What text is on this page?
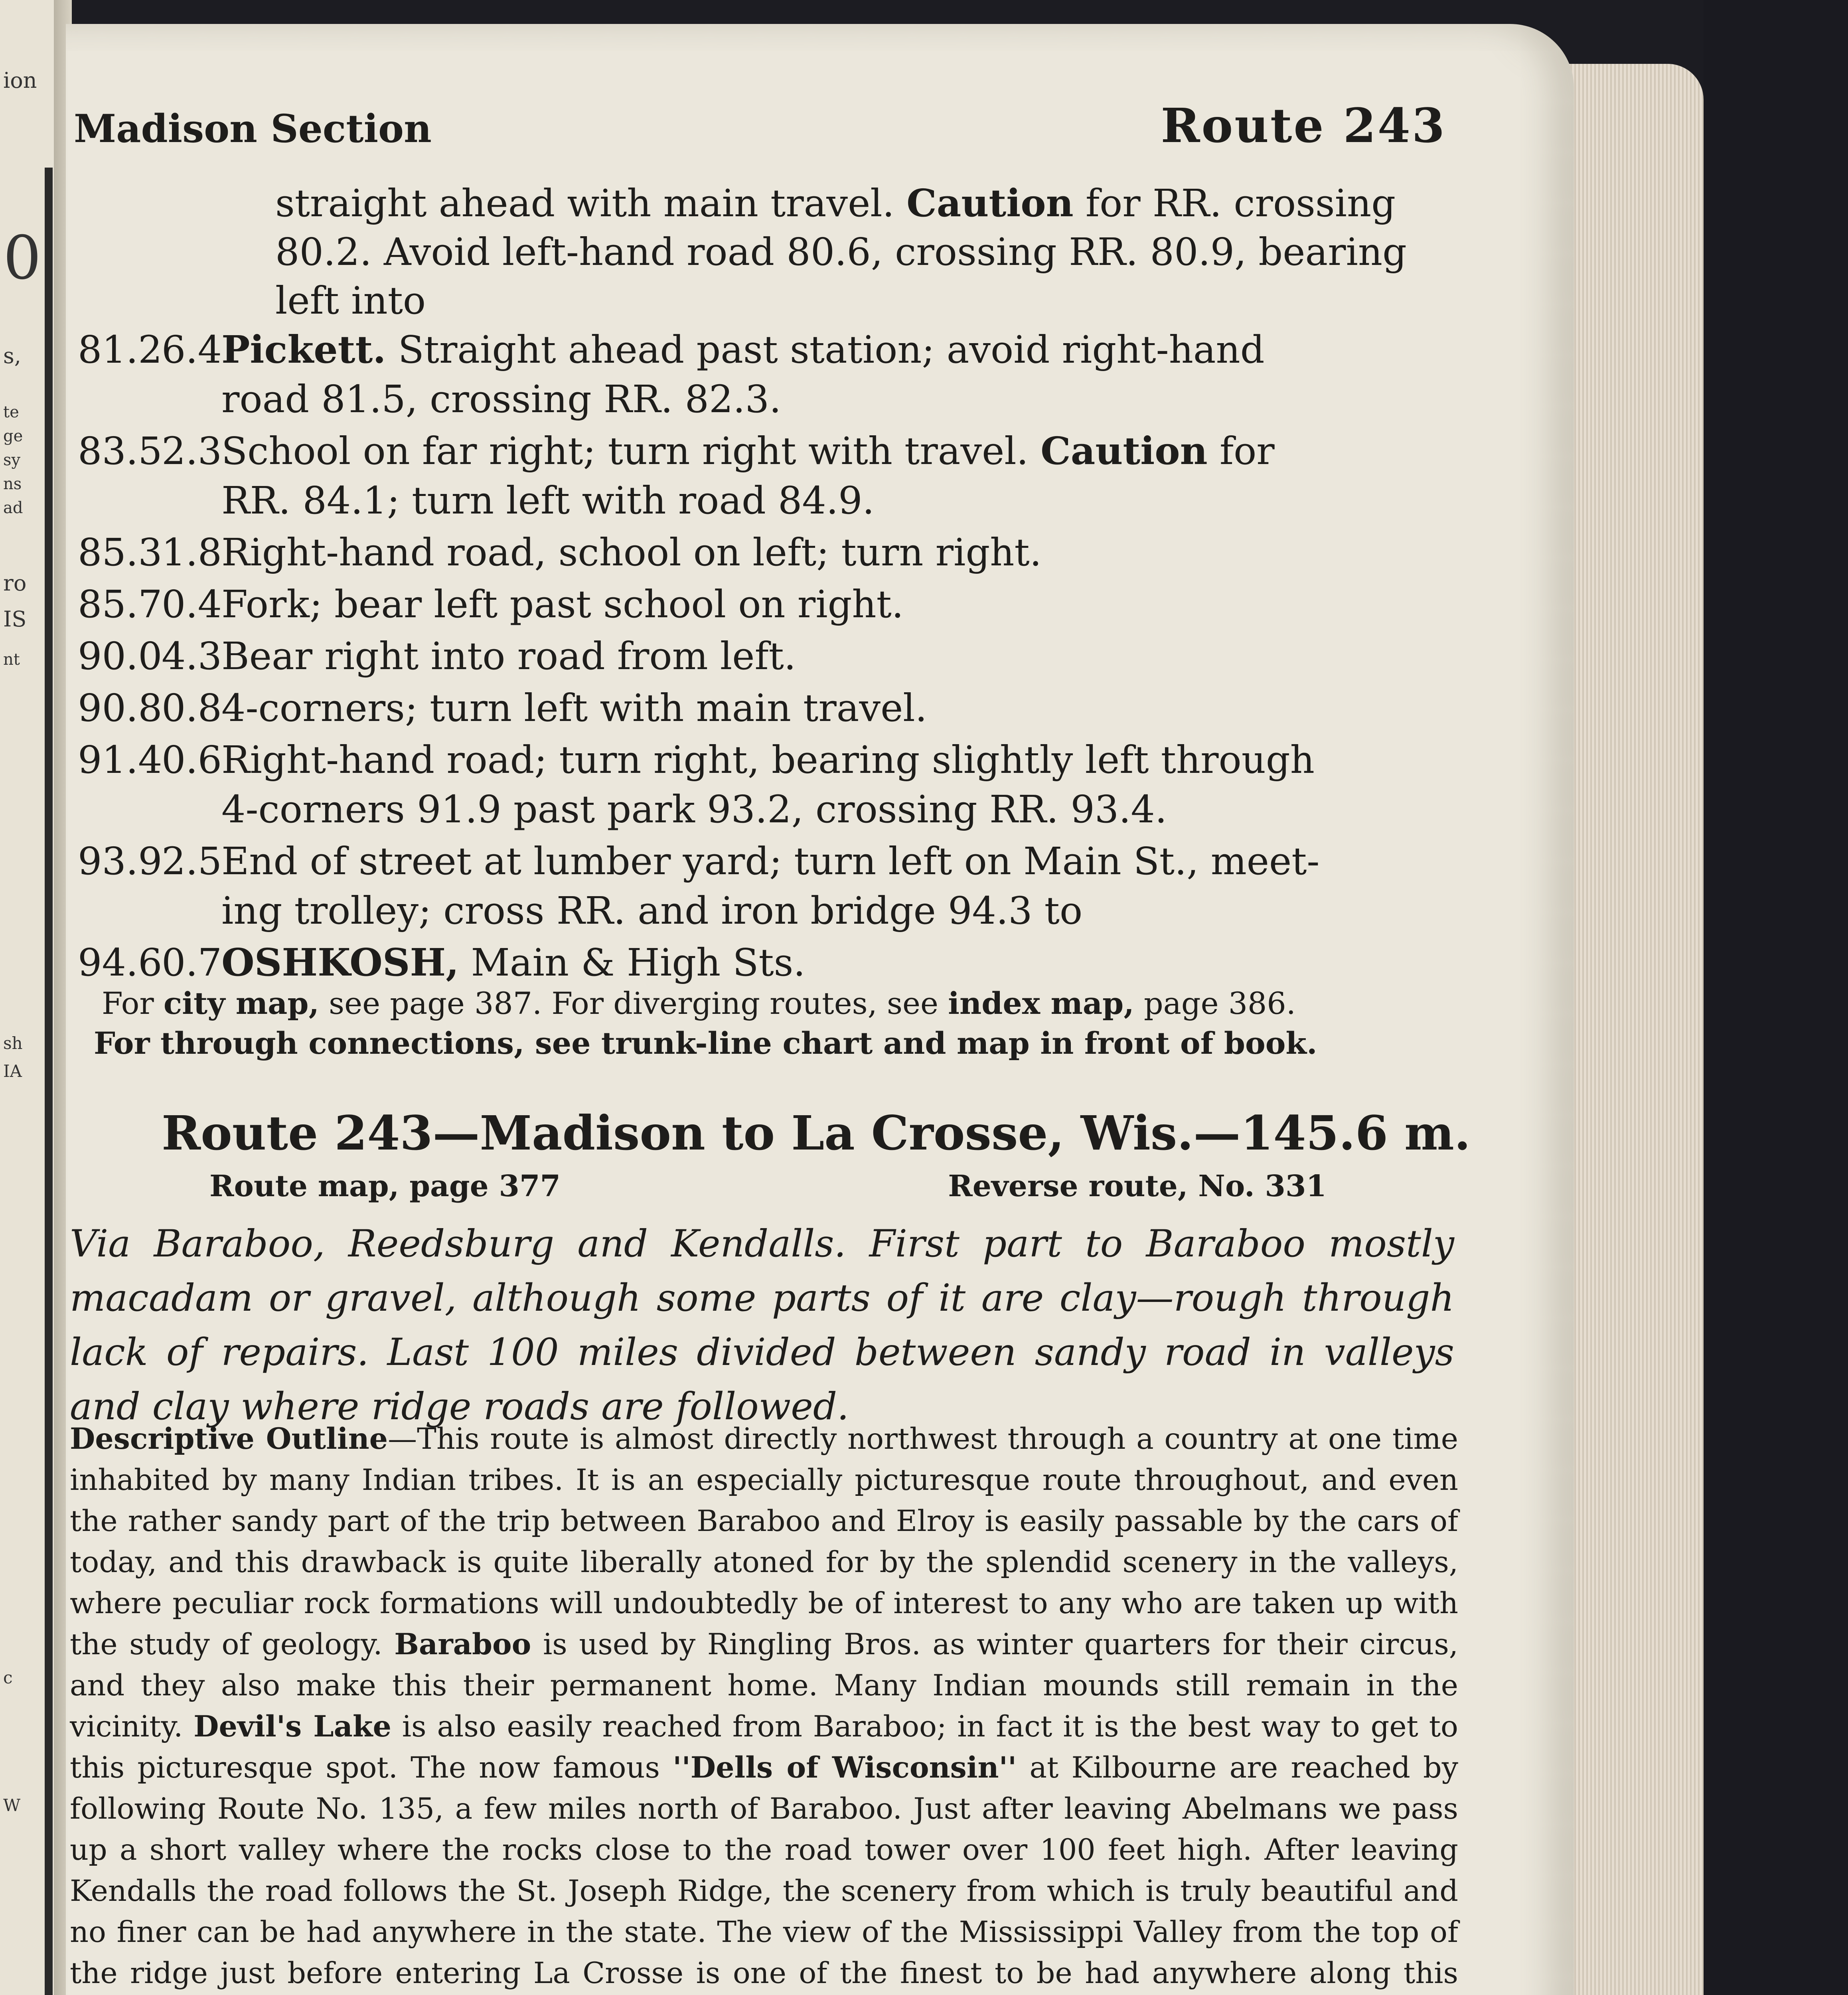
ion
0
s,
te
ge
sy
ns
ad
ro
IS
nt
sh
IA
c
W
Madison Section	Route 243
straight ahead with main travel. Caution for RR. crossing
80.2. Avoid left-hand road 80.6, crossing RR. 80.9, bearing
left into
81.2
6.4
Pickett. Straight ahead past station; avoid right-hand
road 81.5, crossing RR. 82.3.
83.5
2.3
School on far right; turn right with travel. Caution for
RR. 84.1; turn left with road 84.9.
85.3
1.8
Right-hand road, school on left; turn right.
85.7
0.4
Fork; bear left past school on right.
90.0
4.3
Bear right into road from left.
90.8
0.8
4-corners; turn left with main travel.
91.4
0.6
Right-hand road; turn right, bearing slightly left through
4-corners 91.9 past park 93.2, crossing RR. 93.4.
93.9
2.5
End of street at lumber yard; turn left on Main St., meet-
ing trolley; cross RR. and iron bridge 94.3 to
94.6
0.7
OSHKOSH, Main & High Sts.
For city map, see page 387. For diverging routes, see index map, page 386.
For through connections, see trunk-line chart and map in front of book.
Route 243—Madison to La Crosse, Wis.—145.6 m.
Route map, page 377	Reverse route, No. 331
Via Baraboo, Reedsburg and Kendalls. First part to Baraboo mostly macadam or gravel, although some parts of it are clay—rough through lack of repairs. Last 100 miles divided between sandy road in valleys and clay where ridge roads are followed.
Descriptive Outline—This route is almost directly northwest through a country at one time inhabited by many Indian tribes. It is an especially picturesque route throughout, and even the rather sandy part of the trip between Baraboo and Elroy is easily passable by the cars of today, and this drawback is quite liberally atoned for by the splendid scenery in the valleys, where peculiar rock formations will undoubtedly be of interest to any who are taken up with the study of geology. Baraboo is used by Ringling Bros. as winter quarters for their circus, and they also make this their permanent home. Many Indian mounds still remain in the vicinity. Devil's Lake is also easily reached from Baraboo; in fact it is the best way to get to this picturesque spot. The now famous ''Dells of Wisconsin'' at Kilbourne are reached by following Route No. 135, a few miles north of Baraboo. Just after leaving Abelmans we pass up a short valley where the rocks close to the road tower over 100 feet high. After leaving Kendalls the road follows the St. Joseph Ridge, the scenery from which is truly beautiful and no finer can be had anywhere in the state. The view of the Mississippi Valley from the top of the ridge just before entering La Crosse is one of the finest to be had anywhere along this
